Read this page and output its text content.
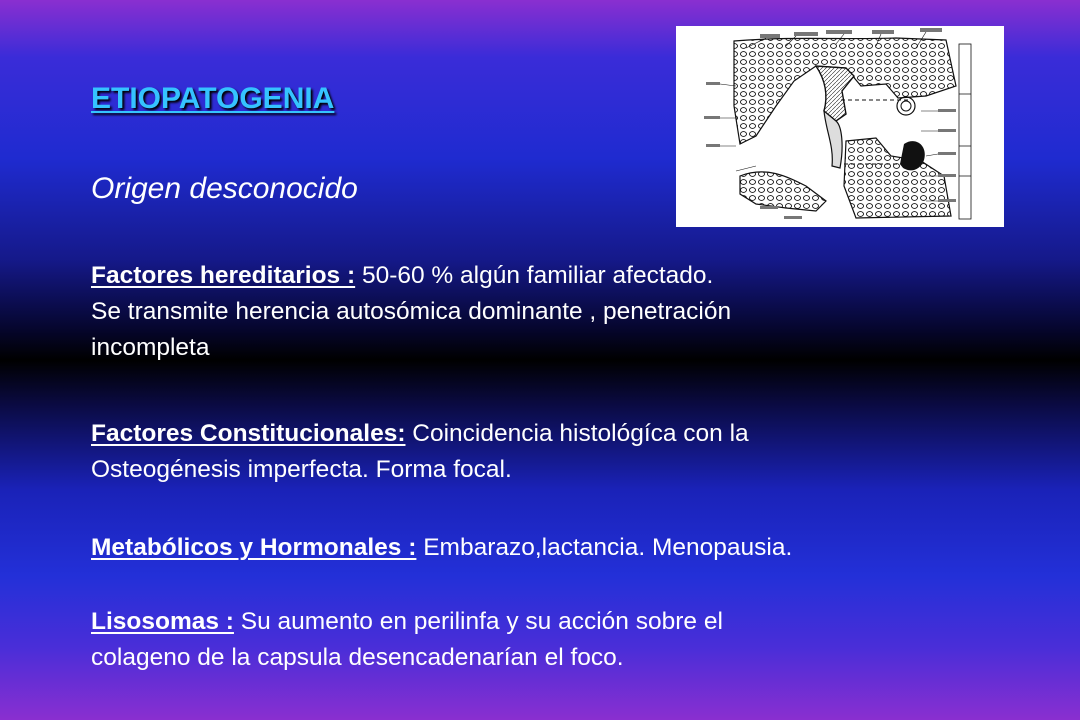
ETIOPATOGENIA
Origen desconocido
Factores hereditarios : 50-60 % algún familiar afectado.
Se transmite herencia autosómica dominante , penetración
incompleta
Factores Constitucionales: Coincidencia histológíca con la
Osteogénesis imperfecta. Forma focal.
Metabólicos y Hormonales : Embarazo,lactancia. Menopausia.
Lisosomas : Su aumento en perilinfa y su acción sobre el
colageno de la capsula desencadenarían el foco.
